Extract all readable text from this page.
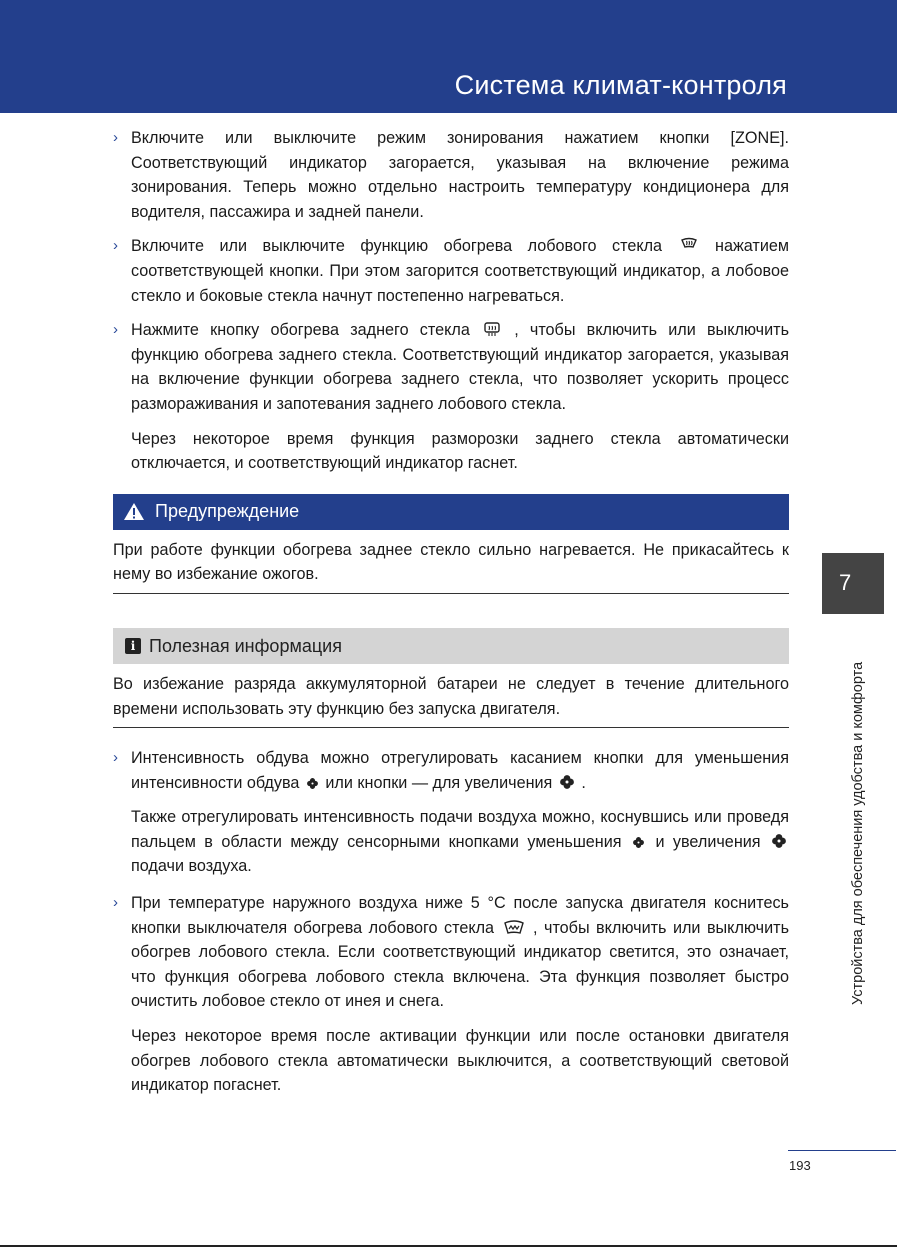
Система климат-контроля
› Включите или выключите режим зонирования нажатием кнопки [ZONE]. Соответствующий индикатор загорается, указывая на включение режима зонирования. Теперь можно отдельно настроить температуру кондиционера для водителя, пассажира и задней панели.
› Включите или выключите функцию обогрева лобового стекла	нажатием соответствующей кнопки. При этом загорится соответствующий индикатор, а лобовое стекло и боковые стекла начнут постепенно нагреваться.
› Нажмите кнопку обогрева заднего стекла	, чтобы включить или выключить функцию обогрева заднего стекла. Соответствующий индикатор загорается, указывая на включение функции обогрева заднего стекла, что позволяет ускорить процесс размораживания и запотевания заднего лобового стекла.
Через некоторое время функция разморозки заднего стекла автоматически отключается, и соответствующий индикатор гаснет.
Предупреждение
При работе функции обогрева заднее стекло сильно нагревается. Не прикасайтесь к нему во избежание ожогов.
i Полезная информация
Во избежание разряда аккумуляторной батареи не следует в течение длительного времени использовать эту функцию без запуска двигателя.
› Интенсивность обдува можно отрегулировать касанием кнопки для уменьшения интенсивности обдува или кнопки — для увеличения .
Также отрегулировать интенсивность подачи воздуха можно, коснувшись или проведя пальцем в области между сенсорными кнопками уменьшения и увеличения  подачи воздуха.
› При температуре наружного воздуха ниже 5 °C после запуска двигателя коснитесь кнопки выключателя обогрева лобового стекла , чтобы включить или выключить обогрев лобового стекла. Если соответствующий индикатор светится, это означает, что функция обогрева лобового стекла включена. Эта функция позволяет быстро очистить лобовое стекло от инея и снега.
Через некоторое время после активации функции или после остановки двигателя обогрев лобового стекла автоматически выключится, а соответствующий световой индикатор погаснет.
7
Устройства для обеспечения удобства и комфорта
193
